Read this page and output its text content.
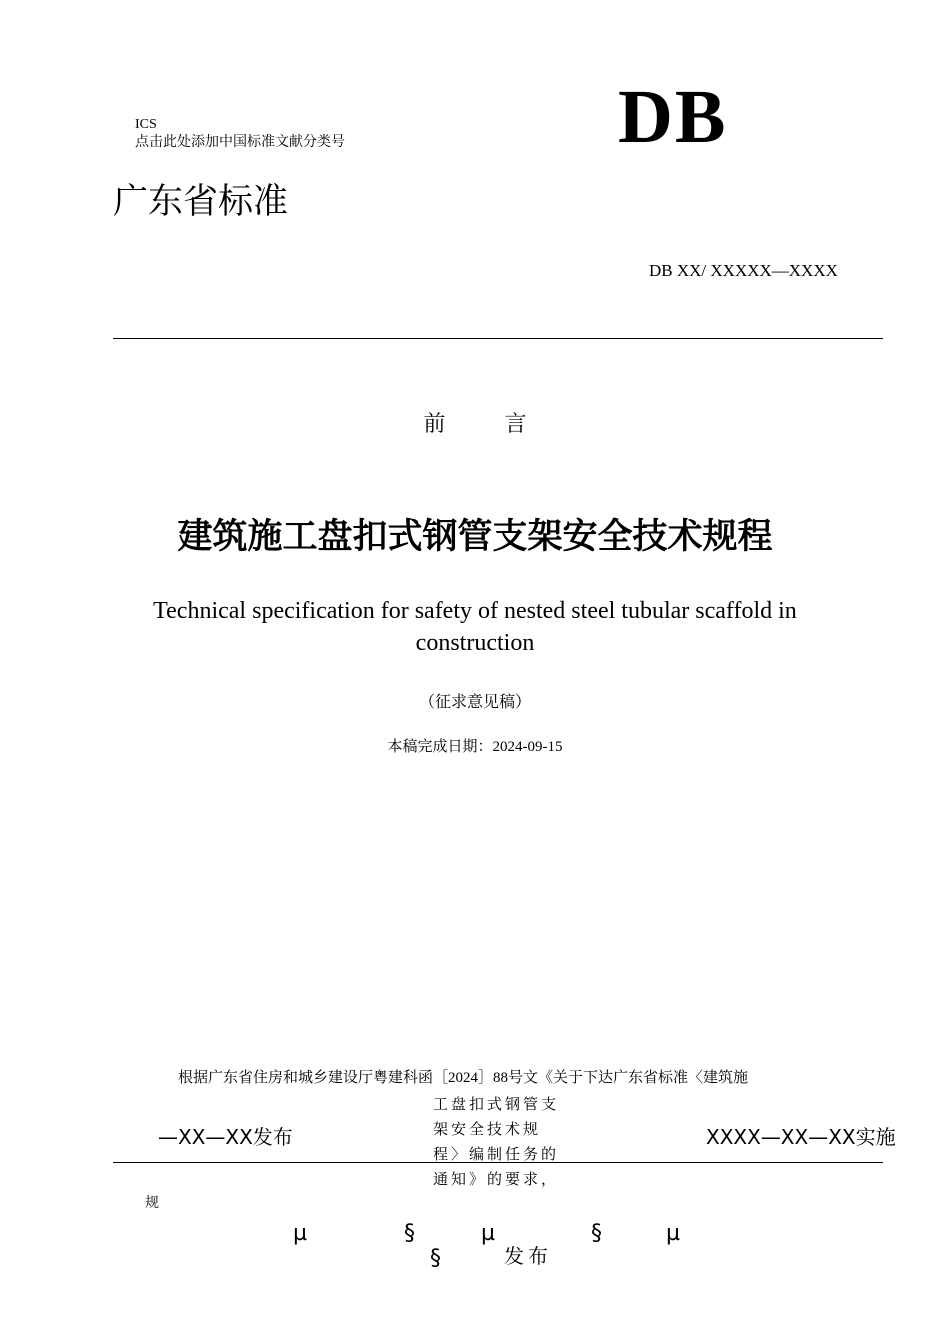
ICS
点击此处添加中国标准文献分类号	DB
广东省标准
DB XX/ XXXXX—XXXX
前 言
建筑施工盘扣式钢管支架安全技术规程
Technical specification for safety of nested steel tubular scaffold in construction
（征求意见稿）
本稿完成日期：2024-09-15
根据广东省住房和城乡建设厅粤建科函［2024］88号文《关于下达广东省标准〈建筑施
工盘扣式钢管支架安全技术规程〉编制任务的通知》的要求，
—XX—XX发布	XXXX—XX—XX实施
规
µ	§
§
µ	§	µ
发布
